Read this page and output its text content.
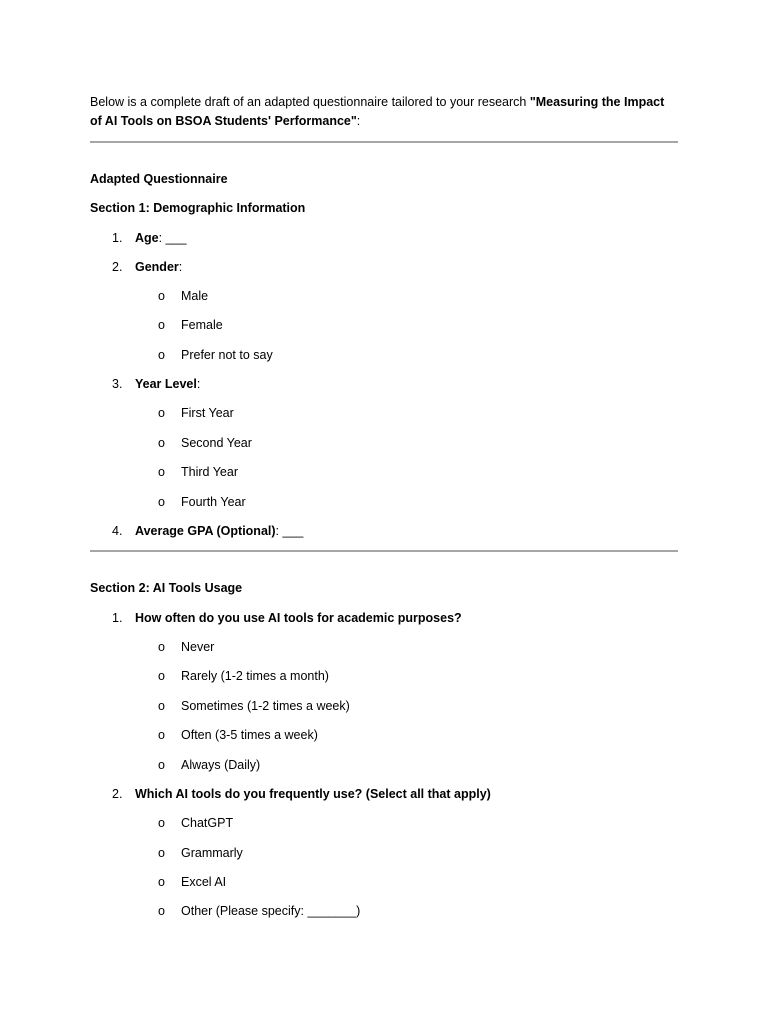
Below is a complete draft of an adapted questionnaire tailored to your research "Measuring the Impact
of AI Tools on BSOA Students' Performance":
Adapted Questionnaire
Section 1: Demographic Information
1.	Age: ___
2.	Gender:
o Male
o Female
o Prefer not to say
3.	Year Level:
o First Year
o Second Year
o Third Year
o Fourth Year
4.	Average GPA (Optional): ___
Section 2: AI Tools Usage
1.	How often do you use AI tools for academic purposes?
o Never
o Rarely (1-2 times a month)
o Sometimes (1-2 times a week)
o Often (3-5 times a week)
o Always (Daily)
2.	Which AI tools do you frequently use? (Select all that apply)
o ChatGPT
o Grammarly
o Excel AI
o Other (Please specify: _______)
